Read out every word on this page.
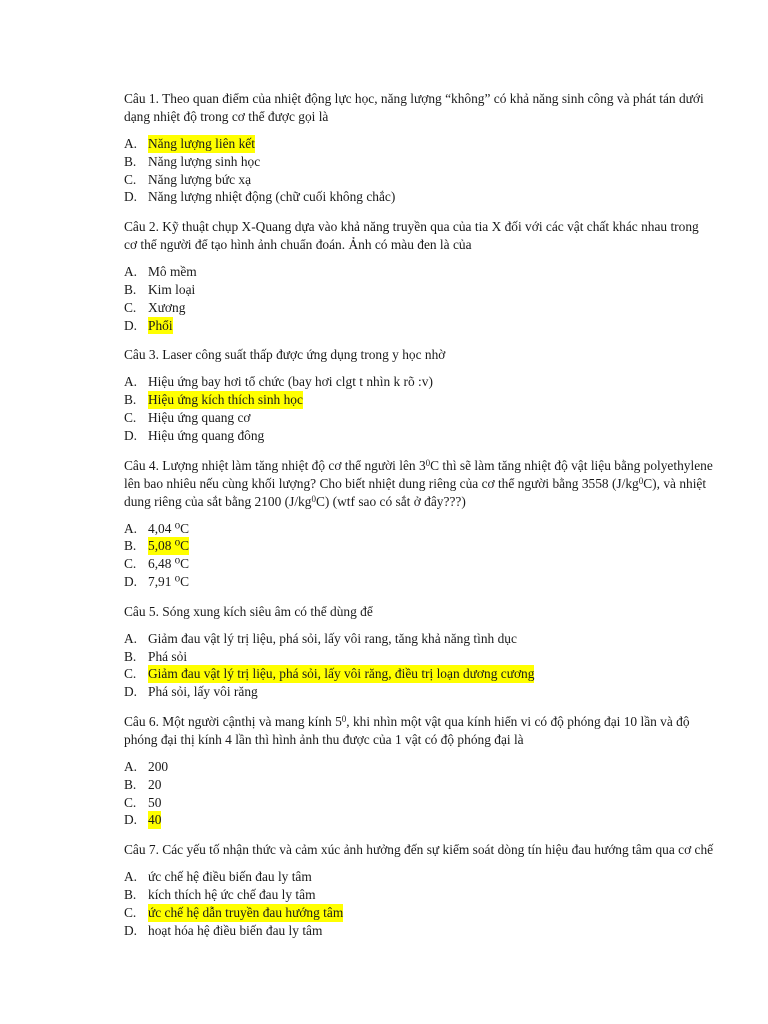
Câu 1. Theo quan điểm của nhiệt động lực học, năng lượng “không” có khả năng sinh công và phát tán dưới dạng nhiệt độ trong cơ thể được gọi là

A. Năng lượng liên kết
B. Năng lượng sinh học
C. Năng lượng bức xạ
D. Năng lượng nhiệt động (chữ cuối không chắc)

Câu 2. Kỹ thuật chụp X-Quang dựa vào khả năng truyền qua của tia X đối với các vật chất khác nhau trong cơ thể người để tạo hình ảnh chuẩn đoán. Ảnh có màu đen là của

A. Mô mềm
B. Kim loại
C. Xương
D. Phổi

Câu 3. Laser công suất thấp được ứng dụng trong y học nhờ

A. Hiệu ứng bay hơi tổ chức (bay hơi clgt t nhìn k rõ :v)
B. Hiệu ứng kích thích sinh học
C. Hiệu ứng quang cơ
D. Hiệu ứng quang đông

Câu 4. Lượng nhiệt làm tăng nhiệt độ cơ thể người lên $3^0C$ thì sẽ làm tăng nhiệt độ vật liệu bằng polyethylene lên bao nhiêu nếu cùng khối lượng? Cho biết nhiệt dung riêng của cơ thể người bằng 3558 $(J/kg^0C)$, và nhiệt dung riêng của sắt bằng 2100 $(J/kg^0C)$ (wtf sao có sắt ở đây???)

A. 4,04 ⁰C
B. 5,08 ⁰C
C. 6,48 ⁰C
D. 7,91 ⁰C

Câu 5. Sóng xung kích siêu âm có thể dùng để

A. Giảm đau vật lý trị liệu, phá sỏi, lấy vôi rang, tăng khả năng tình dục
B. Phá sỏi
C. Giảm đau vật lý trị liệu, phá sỏi, lấy vôi răng, điều trị loạn dương cương
D. Phá sỏi, lấy vôi răng

Câu 6. Một người cậnthị và mang kính $5^0$, khi nhìn một vật qua kính hiển vi có độ phóng đại 10 lần và độ phóng đại thị kính 4 lần thì hình ảnh thu được của 1 vật có độ phóng đại là

A. 200
B. 20
C. 50
D. 40

Câu 7. Các yếu tố nhận thức và cảm xúc ảnh hưởng đến sự kiểm soát dòng tín hiệu đau hướng tâm qua cơ chế

A. ức chế hệ điều biến đau ly tâm
B. kích thích hệ ức chế đau ly tâm
C. ức chế hệ dẫn truyền đau hướng tâm
D. hoạt hóa hệ điều biến đau ly tâm
